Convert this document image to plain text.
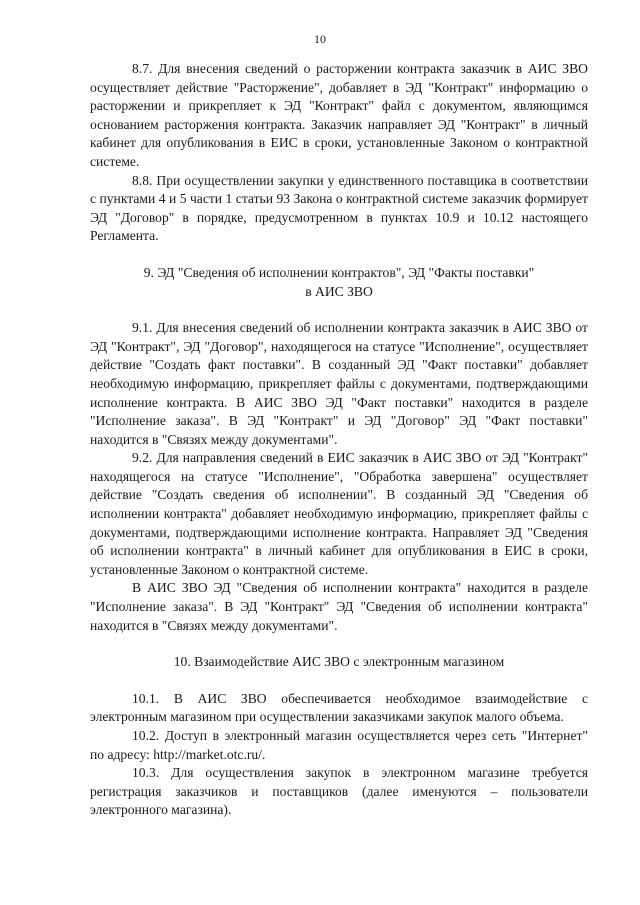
10

8.7. Для внесения сведений о расторжении контракта заказчик в АИС ЗВО осуществляет действие "Расторжение", добавляет в ЭД "Контракт" информацию о расторжении и прикрепляет к ЭД "Контракт" файл с документом, являющимся основанием расторжения контракта. Заказчик направляет ЭД "Контракт" в личный кабинет для опубликования в ЕИС в сроки, установленные Законом о контрактной системе.

8.8. При осуществлении закупки у единственного поставщика в соответствии с пунктами 4 и 5 части 1 статьи 93 Закона о контрактной системе заказчик формирует ЭД "Договор" в порядке, предусмотренном в пунктах 10.9 и 10.12 настоящего Регламента.

9. ЭД "Сведения об исполнении контрактов", ЭД "Факты поставки"
в АИС ЗВО

9.1. Для внесения сведений об исполнении контракта заказчик в АИС ЗВО от ЭД "Контракт", ЭД "Договор", находящегося на статусе "Исполнение", осуществляет действие "Создать факт поставки". В созданный ЭД "Факт поставки" добавляет необходимую информацию, прикрепляет файлы с документами, подтверждающими исполнение контракта. В АИС ЗВО ЭД "Факт поставки" находится в разделе "Исполнение заказа". В ЭД "Контракт" и ЭД "Договор" ЭД "Факт поставки" находится в "Связях между документами".

9.2. Для направления сведений в ЕИС заказчик в АИС ЗВО от ЭД "Контракт" находящегося на статусе "Исполнение", "Обработка завершена" осуществляет действие "Создать сведения об исполнении". В созданный ЭД "Сведения об исполнении контракта" добавляет необходимую информацию, прикрепляет файлы с документами, подтверждающими исполнение контракта. Направляет ЭД "Сведения об исполнении контракта" в личный кабинет для опубликования в ЕИС в сроки, установленные Законом о контрактной системе.

В АИС ЗВО ЭД "Сведения об исполнении контракта" находится в разделе "Исполнение заказа". В ЭД "Контракт" ЭД "Сведения об исполнении контракта" находится в "Связях между документами".

10. Взаимодействие АИС ЗВО с электронным магазином

10.1. В АИС ЗВО обеспечивается необходимое взаимодействие с электронным магазином при осуществлении заказчиками закупок малого объема.

10.2. Доступ в электронный магазин осуществляется через сеть "Интернет" по адресу: http://market.otc.ru/.

10.3. Для осуществления закупок в электронном магазине требуется регистрация заказчиков и поставщиков (далее именуются – пользователи электронного магазина).
